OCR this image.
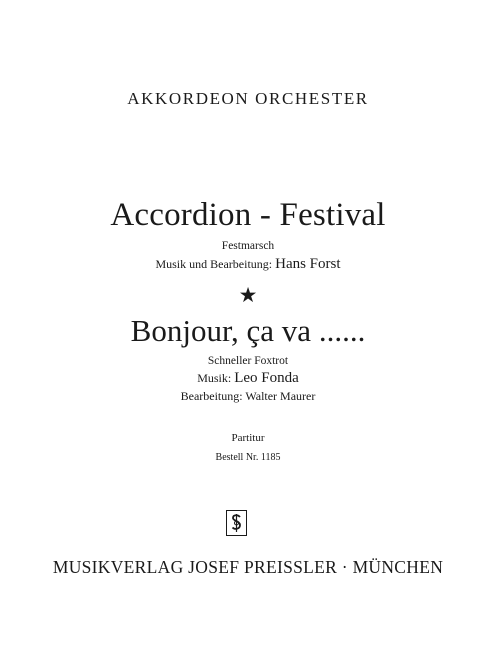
AKKORDEON ORCHESTER
Accordion - Festival
Festmarsch
Musik und Bearbeitung: Hans Forst
★
Bonjour, ça va ......
Schneller Foxtrot
Musik: Leo Fonda
Bearbeitung: Walter Maurer
Partitur
Bestell Nr. 1185
MUSIKVERLAG JOSEF PREISSLER · MÜNCHEN
